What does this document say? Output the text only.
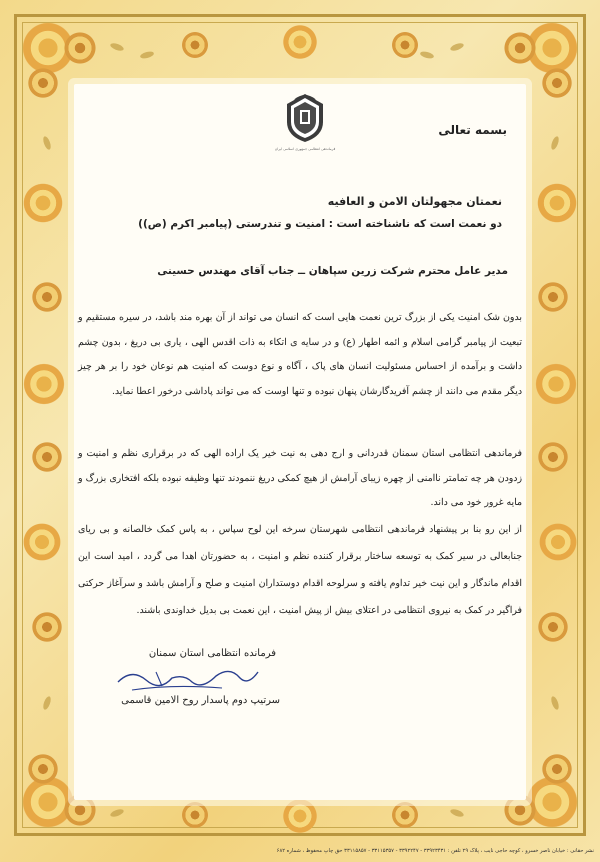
فرماندهی انتظامی جمهوری اسلامی ایران
بسمه تعالی
نعمتان مجهولتان الامن و العافیه
دو نعمت است که ناشناخته است : امنیت و تندرستی (پیامبر اکرم (ص))
مدیر عامل محترم شرکت زرین سپاهان ــ جناب آقای مهندس حسینی

بدون شک امنیت یکی از بزرگ ترین نعمت هایی است که انسان می تواند از آن بهره مند باشد، در سیره مستقیم و تبعیت از پیامبر گرامی اسلام و ائمه اطهار (ع) و در سایه ی اتکاء به ذات اقدس الهی ، یاری بی دریغ ، بدون چشم داشت و برآمده از احساس مسئولیت انسان های پاک ، آگاه و نوع دوست که امنیت هم نوعان خود را بر هر چیز دیگر مقدم می دانند از چشم آفریدگارشان پنهان نبوده و تنها اوست که می تواند پاداشی درخور اعطا نماید.

فرماندهی انتظامی استان سمنان قدردانی و ارج دهی به نیت خیر یک اراده الهی که در برقراری نظم و امنیت و زدودن هر چه تمامتر ناامنی از چهره زیبای آرامش از هیچ کمکی دریغ ننمودند تنها وظیفه نبوده بلکه افتخاری بزرگ و مایه غرور خود می داند.

از این رو بنا بر پیشنهاد فرماندهی انتظامی شهرستان سرخه این لوح سپاس ، به پاس کمک خالصانه و بی ریای جنابعالی در سیر کمک به توسعه ساختار برقرار کننده نظم و امنیت ، به حضورتان اهدا می گردد ، امید است این اقدام ماندگار و این نیت خیر تداوم یافته و سرلوحه اقدام دوستداران امنیت و صلح و آرامش باشد و سرآغاز حرکتی فراگیر در کمک به نیروی انتظامی در اعتلای بیش از پیش امنیت ، این نعمت بی بدیل خداوندی باشند.

فرمانده انتظامی استان سمنان
سرتیپ دوم پاسدار روح الامین قاسمی
نشر حقانی : خیابان ناصر خسرو ، کوچه حاجی نایب ، پلاک ۲۹ تلفن : ۳۳۹۲۳۴۳۱ - ۳۳۹۲۲۴۷ - ۳۳۱۱۵۳۵۷ - ۳۳۱۱۵۸۵۷ حق چاپ محفوظ ، شماره ۶۸۲
